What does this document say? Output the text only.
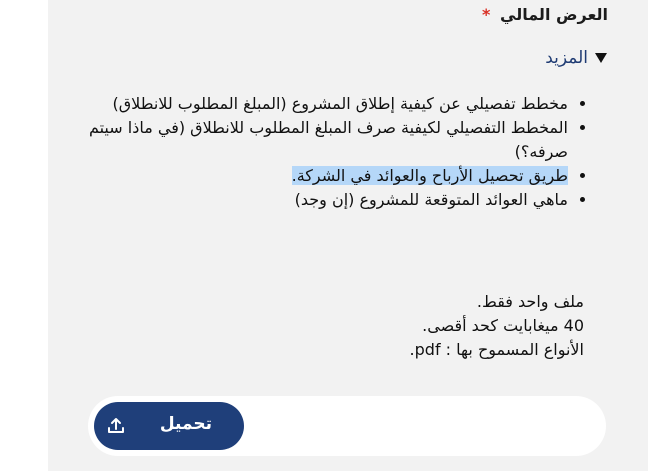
العرض المالي *
المزيد
• مخطط تفصيلي عن كيفية إطلاق المشروع (المبلغ المطلوب للانطلاق)
• المخطط التفصيلي لكيفية صرف المبلغ المطلوب للانطلاق (في ماذا سيتم صرفه؟)
• طريق تحصيل الأرباح والعوائد في الشركة.
• ماهي العوائد المتوقعة للمشروع (إن وجد)
ملف واحد فقط.
40 ميغابايت كحد أقصى.
الأنواع المسموح بها : pdf.
تحميل
